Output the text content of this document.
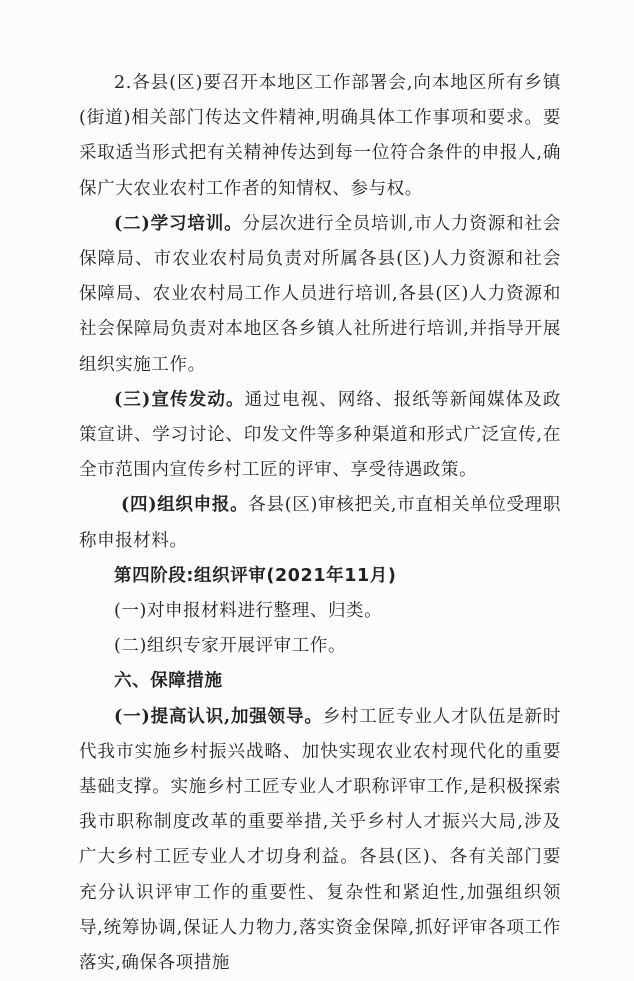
2.各县(区)要召开本地区工作部署会,向本地区所有乡镇(街道)相关部门传达文件精神,明确具体工作事项和要求。要采取适当形式把有关精神传达到每一位符合条件的申报人,确保广大农业农村工作者的知情权、参与权。

(二)学习培训。分层次进行全员培训,市人力资源和社会保障局、市农业农村局负责对所属各县(区)人力资源和社会保障局、农业农村局工作人员进行培训,各县(区)人力资源和社会保障局负责对本地区各乡镇人社所进行培训,并指导开展组织实施工作。

(三)宣传发动。通过电视、网络、报纸等新闻媒体及政策宣讲、学习讨论、印发文件等多种渠道和形式广泛宣传,在全市范围内宣传乡村工匠的评审、享受待遇政策。

(四)组织申报。各县(区)审核把关,市直相关单位受理职称申报材料。

第四阶段:组织评审(2021年11月)

(一)对申报材料进行整理、归类。

(二)组织专家开展评审工作。

六、保障措施

(一)提高认识,加强领导。乡村工匠专业人才队伍是新时代我市实施乡村振兴战略、加快实现农业农村现代化的重要基础支撑。实施乡村工匠专业人才职称评审工作,是积极探索我市职称制度改革的重要举措,关乎乡村人才振兴大局,涉及广大乡村工匠专业人才切身利益。各县(区)、各有关部门要充分认识评审工作的重要性、复杂性和紧迫性,加强组织领导,统筹协调,保证人力物力,落实资金保障,抓好评审各项工作落实,确保各项措施
